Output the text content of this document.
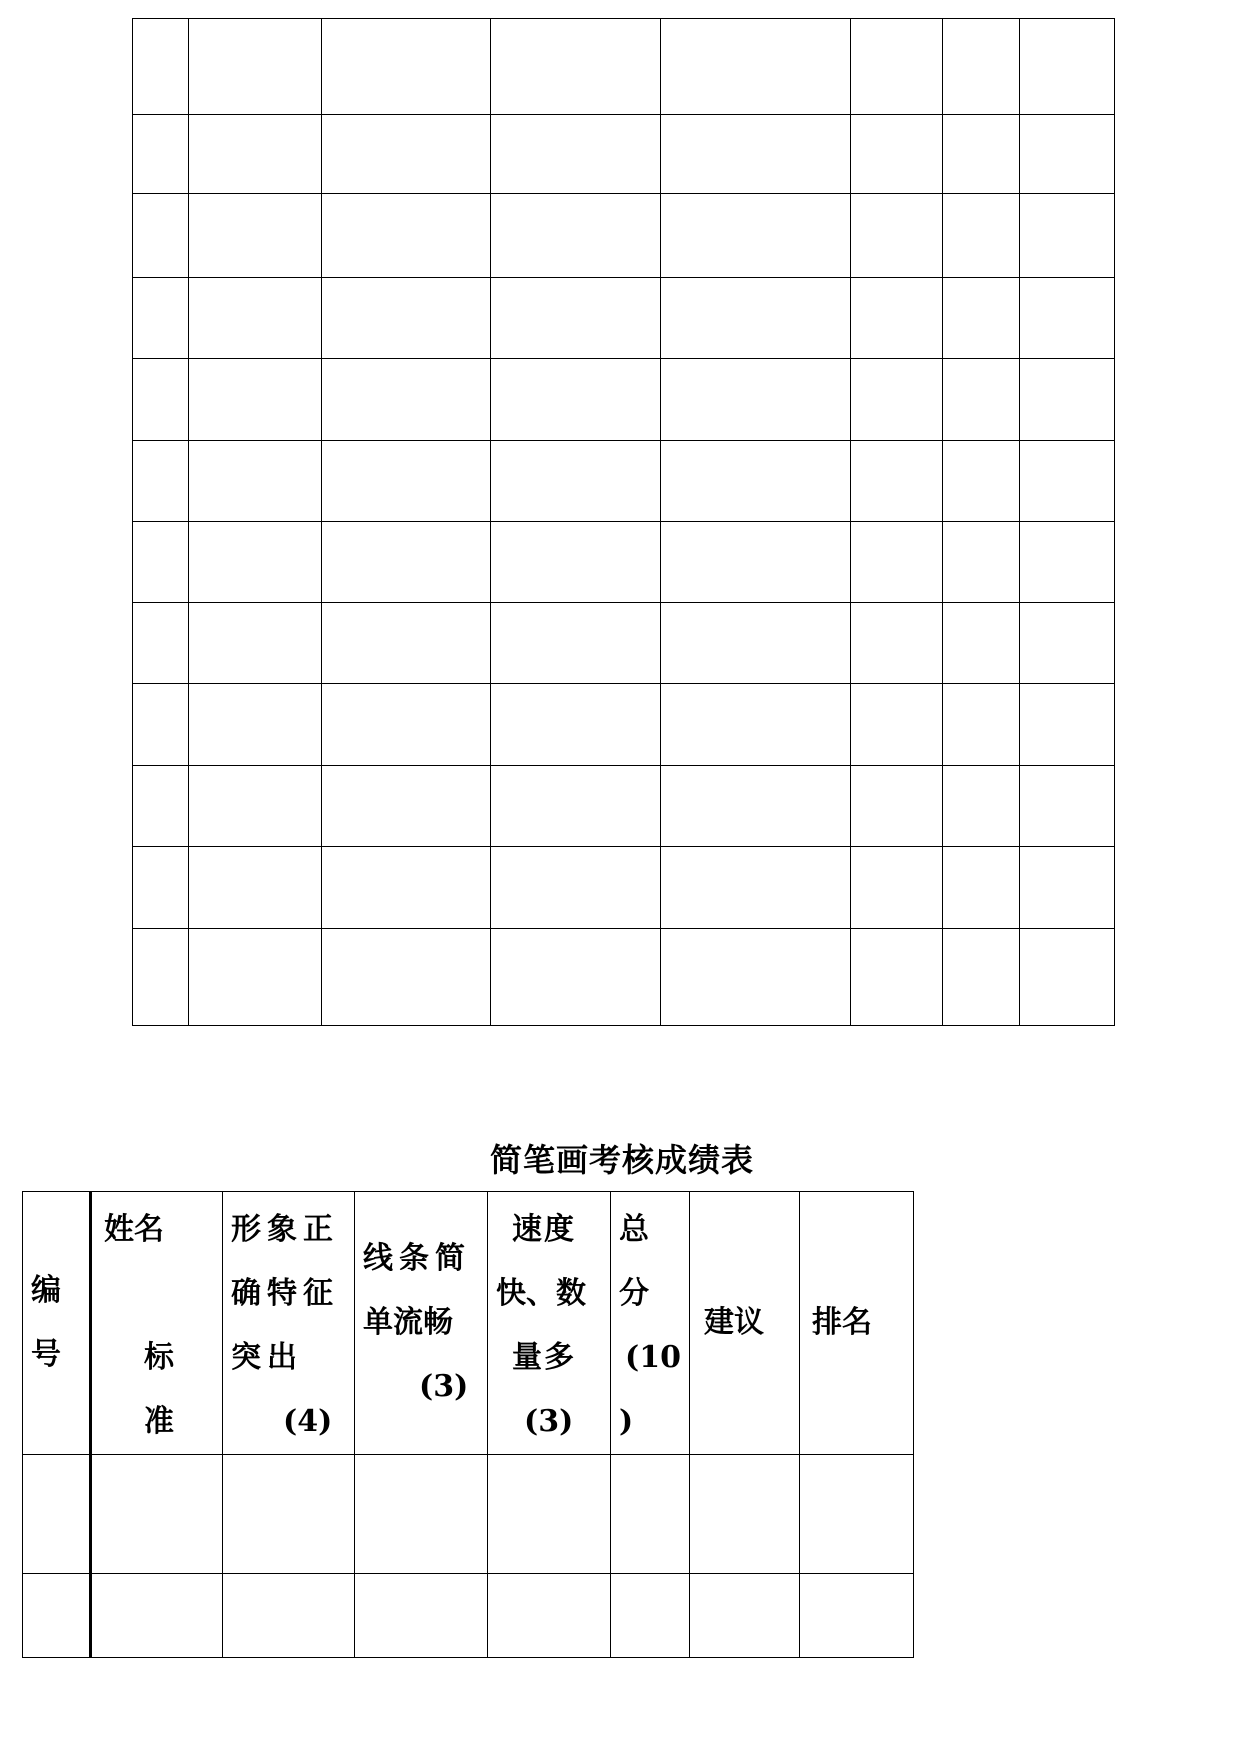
简笔画考核成绩表
编
号	姓名

标
准	形象正
确特征
突出
(4)	线条简
单流畅
(3)	速度
快、数
量多
(3)	总
分
(10
)	建议	排名
